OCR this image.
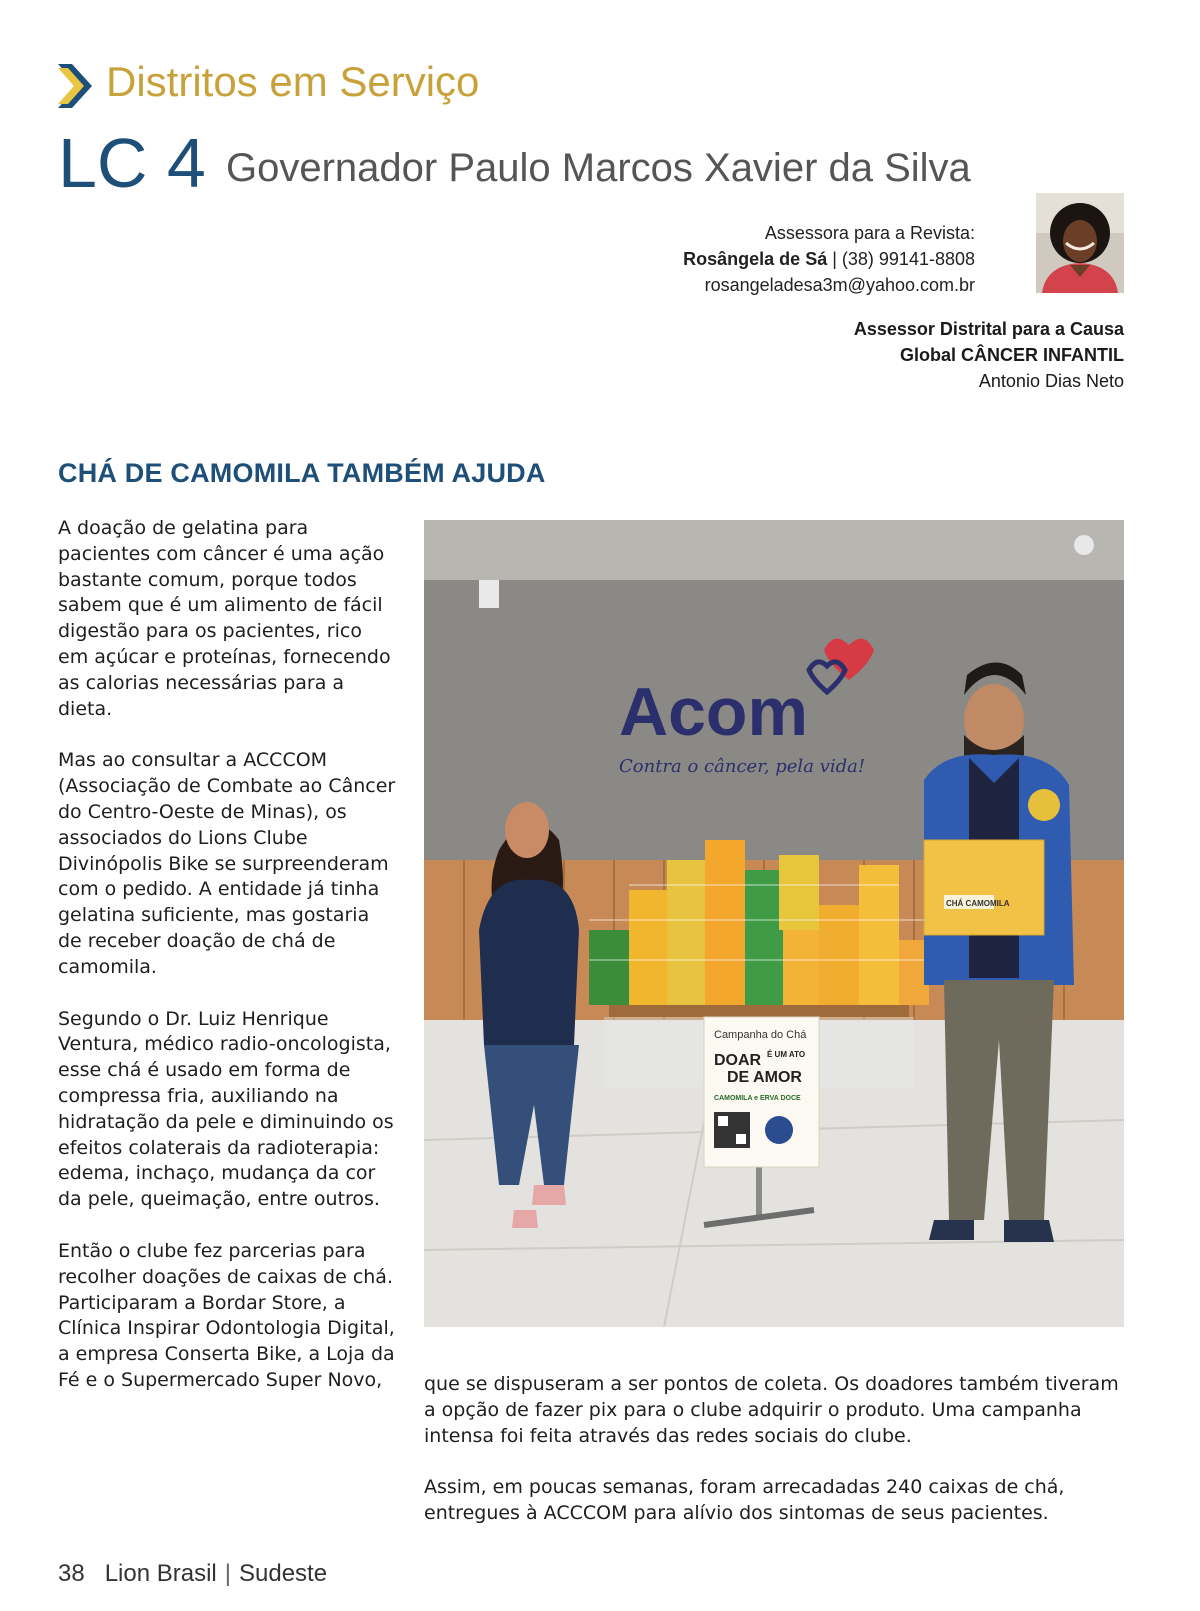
Distritos em Serviço
LC 4 Governador Paulo Marcos Xavier da Silva
Assessora para a Revista:
Rosângela de Sá | (38) 99141-8808
rosangeladesa3m@yahoo.com.br
Assessor Distrital para a Causa
Global CÂNCER INFANTIL
Antonio Dias Neto
CHÁ DE CAMOMILA TAMBÉM AJUDA

A doação de gelatina para pacientes com câncer é uma ação bastante comum, porque todos sabem que é um alimento de fácil digestão para os pacientes, rico em açúcar e proteínas, fornecendo as calorias necessárias para a dieta.

Mas ao consultar a ACCCOM (Associação de Combate ao Câncer do Centro-Oeste de Minas), os associados do Lions Clube Divinópolis Bike se surpreenderam com o pedido. A entidade já tinha gelatina suficiente, mas gostaria de receber doação de chá de camomila.

Segundo o Dr. Luiz Henrique Ventura, médico radio-oncologista, esse chá é usado em forma de compressa fria, auxiliando na hidratação da pele e diminuindo os efeitos colaterais da radioterapia: edema, inchaço, mudança da cor da pele, queimação, entre outros.

Então o clube fez parcerias para recolher doações de caixas de chá. Participaram a Bordar Store, a Clínica Inspirar Odontologia Digital, a empresa Conserta Bike, a Loja da Fé e o Supermercado Super Novo,

Acom
Contra o câncer, pela vida!
Campanha do Chá
DOAR É UM ATO
DE AMOR
CAMOMILA e ERVA DOCE
CHÁ CAMOMILA

que se dispuseram a ser pontos de coleta. Os doadores também tiveram a opção de fazer pix para o clube adquirir o produto. Uma campanha intensa foi feita através das redes sociais do clube.

Assim, em poucas semanas, foram arrecadadas 240 caixas de chá, entregues à ACCCOM para alívio dos sintomas de seus pacientes.

38 Lion Brasil | Sudeste
